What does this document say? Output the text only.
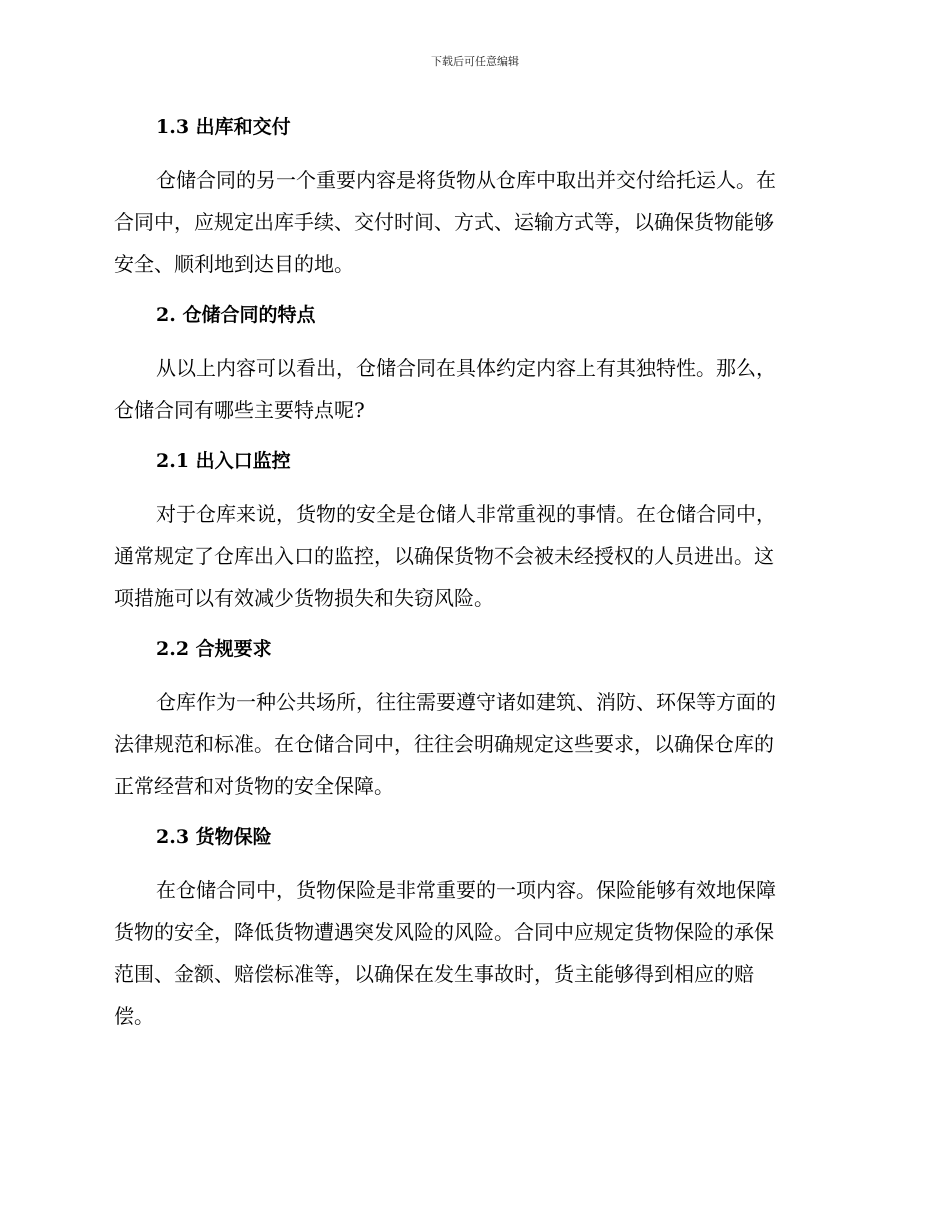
下载后可任意编辑
1.3 出库和交付
仓储合同的另一个重要内容是将货物从仓库中取出并交付给托运人。在
合同中，应规定出库手续、交付时间、方式、运输方式等，以确保货物能够
安全、顺利地到达目的地。
2. 仓储合同的特点
从以上内容可以看出，仓储合同在具体约定内容上有其独特性。那么，
仓储合同有哪些主要特点呢?
2.1 出入口监控
对于仓库来说，货物的安全是仓储人非常重视的事情。在仓储合同中，
通常规定了仓库出入口的监控，以确保货物不会被未经授权的人员进出。这
项措施可以有效减少货物损失和失窃风险。
2.2 合规要求
仓库作为一种公共场所，往往需要遵守诸如建筑、消防、环保等方面的
法律规范和标准。在仓储合同中，往往会明确规定这些要求，以确保仓库的
正常经营和对货物的安全保障。
2.3 货物保险
在仓储合同中，货物保险是非常重要的一项内容。保险能够有效地保障
货物的安全，降低货物遭遇突发风险的风险。合同中应规定货物保险的承保
范围、金额、赔偿标准等，以确保在发生事故时，货主能够得到相应的赔
偿。
